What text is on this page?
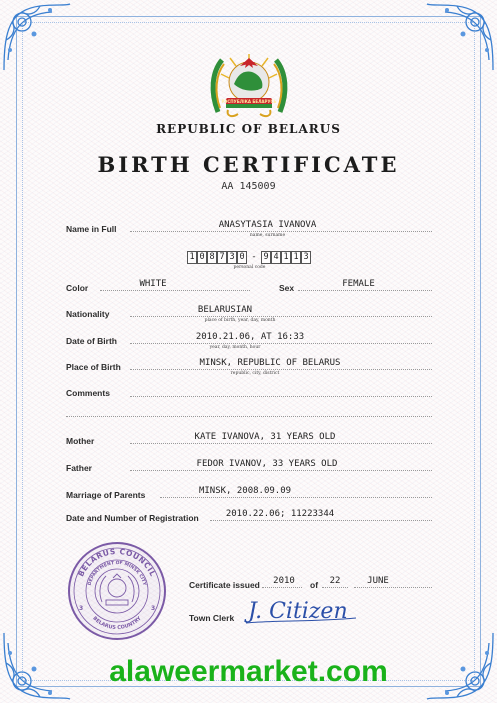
РЭСПУБЛІКА БЕЛАРУСЬ
REPUBLIC OF BELARUS
BIRTH CERTIFICATE
AA 145009
Name in Full	ANASYTASIA IVANOVA
name, surname
1 0 8 7 3 0 - 9 4 1 1 3
personal code
Color	WHITE	Sex	FEMALE
Nationality	BELARUSIAN
place of birth, year, day, month
Date of Birth	2010.21.06, AT 16:33
year, day, month, hour
Place of Birth	MINSK, REPUBLIC OF BELARUS
republic, city, district
Comments
Mother	KATE IVANOVA, 31 YEARS OLD
Father	FEDOR IVANOV, 33 YEARS OLD
Marriage of Parents	MINSK, 2008.09.09
Date and Number of Registration	2010.22.06; 11223344
BELARUS COUNCIL
DEPARTMENT OF MINSK CITY
BELARUS COUNTRY
3	3
Certificate issued	2010	of	22	JUNE
Town Clerk J. Citizen
alaweermarket.com
